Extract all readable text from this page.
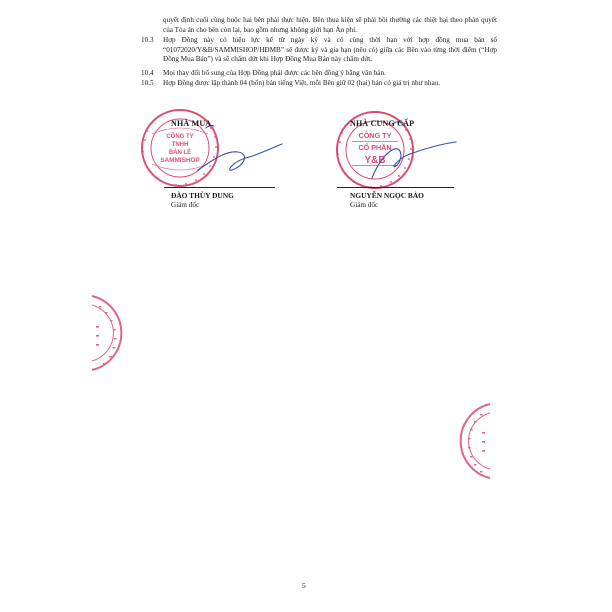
quyết định cuối cùng buộc hai bên phải thực hiện. Bên thua kiện sẽ phải bồi thường các thiệt hại theo phán quyết của Tòa án cho bên còn lại, bao gồm nhưng không giới hạn Án phí.
10.3 Hợp Đồng này có hiệu lực kể từ ngày ký và có cùng thời hạn với hợp đồng mua bán số “01072020/Y&B/SAMMISHOP/HĐMB” sẽ được ký và gia hạn (nếu có) giữa các Bên vào từng thời điểm (“Hợp Đồng Mua Bán”) và sẽ chấm dứt khi Hợp Đồng Mua Bán này chấm dứt.
10.4 Mọi thay đổi bổ sung của Hợp Đồng phải được các bên đồng ý bằng văn bản.
10.5 Hợp Đồng được lập thành 04 (bốn) bản tiếng Việt, mỗi Bên giữ 02 (hai) bản có giá trị như nhau.
CÔNG TY
TNHH
BÁN LẺ
SAMMISHOP
CÔNG TY
CỔ PHẦN
Y&B
NHÀ MUA	NHÀ CUNG CẤP
ĐÀO THÙY DUNG	NGUYỄN NGỌC BẢO
Giám đốc	Giám đốc
5
